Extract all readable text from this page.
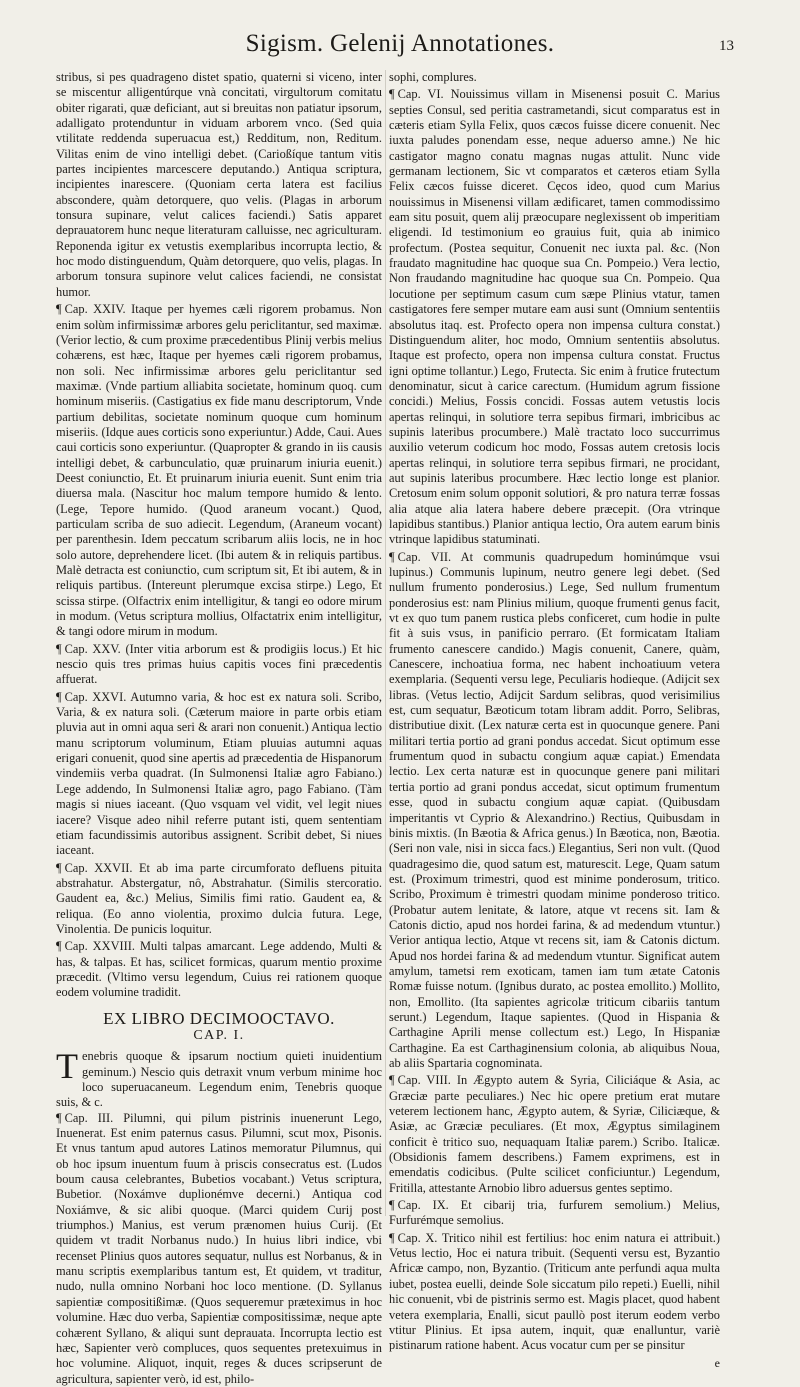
Sigism. Gelenij Annotationes.	13

stribus, si pes quadrageno distet spatio, quaterni si viceno, inter se miscentur alligentúrque vnà concitati, virgultorum comitatu obiter rigarati, quæ deficiant, aut si breuitas non patiatur ipsorum, adalligato protenduntur in viduam arborem vnco. (Sed quia vtilitate reddenda superuacua est,) Redditum, non, Reditum. Vilitas enim de vino intelligi debet. (Carioßíque tantum vitis partes incipientes marcescere deputando.) Antiqua scriptura, incipientes inarescere. (Quoniam certa latera est facilius abscondere, quàm detorquere, quo velis. (Plagas in arborum tonsura supinare, velut calices faciendi.) Satis apparet deprauatorem hunc neque literaturam calluisse, nec agriculturam. Reponenda igitur ex vetustis exemplaribus incorrupta lectio, & hoc modo distinguendum, Quàm detorquere, quo velis, plagas. In arborum tonsura supinore velut calices faciendi, ne consistat humor.

¶ Cap. XXIV. Itaque per hyemes cæli rigorem probamus. Non enim solùm infirmissimæ arbores gelu periclitantur, sed maximæ. (Verior lectio, & cum proxime præcedentibus Plinij verbis melius cohærens, est hæc, Itaque per hyemes cæli rigorem probamus, non soli. Nec infirmissimæ arbores gelu periclitantur sed maximæ. (Vnde partium alliabita societate, hominum quoq. cum hominum miseriis. (Castigatius ex fide manu descriptorum, Vnde partium debilitas, societate nominum quoque cum hominum miseriis. (Idque aues corticis sono experiuntur.) Adde, Caui. Aues caui corticis sono experiuntur. (Quapropter & grando in iis causis intelligi debet, & carbunculatio, quæ pruinarum iniuria euenit.) Deest coniunctio, Et. Et pruinarum iniuria euenit. Sunt enim tria diuersa mala. (Nascitur hoc malum tempore humido & lento. (Lege, Tepore humido. (Quod araneum vocant.) Quod, particulam scriba de suo adiecit. Legendum, (Araneum vocant) per parenthesin. Idem peccatum scribarum aliis locis, ne in hoc solo autore, deprehendere licet. (Ibi autem & in reliquis partibus. Malè detracta est coniunctio, cum scriptum sit, Et ibi autem, & in reliquis partibus. (Intereunt plerumque excisa stirpe.) Lego, Et scissa stirpe. (Olfactrix enim intelligitur, & tangi eo odore mirum in modum. (Vetus scriptura mollius, Olfactatrix enim intelligitur, & tangi odore mirum in modum.

¶ Cap. XXV. (Inter vitia arborum est & prodigiis locus.) Et hic nescio quis tres primas huius capitis voces fini præcedentis affuerat.

¶ Cap. XXVI. Autumno varia, & hoc est ex natura soli. Scribo, Varia, & ex natura soli. (Cæterum maiore in parte orbis etiam pluvia aut in omni aqua seri & arari non conuenit.) Antiqua lectio manu scriptorum voluminum, Etiam pluuias autumni aquas erigari conuenit, quod sine apertis ad præcedentia de Hispanorum vindemiis verba quadrat. (In Sulmonensi Italiæ agro Fabiano.) Lege addendo, In Sulmonensi Italiæ agro, pago Fabiano. (Tàm magis si niues iaceant. (Quo vsquam vel vidit, vel legit niues iacere? Visque adeo nihil referre putant isti, quem sententiam etiam facundissimis autoribus assignent. Scribit debet, Si niues iaceant.

¶ Cap. XXVII. Et ab ima parte circumforato defluens pituita abstrahatur. Abstergatur, nô, Abstrahatur. (Similis stercoratio. Gaudent ea, &c.) Melius, Similis fimi ratio. Gaudent ea, & reliqua. (Eo anno violentia, proximo dulcia futura. Lege, Vinolentia. De punicis loquitur.

¶ Cap. XXVIII. Multi talpas amarcant. Lege addendo, Multi & has, & talpas. Et has, scilicet formicas, quarum mentio proxime præcedit. (Vltimo versu legendum, Cuius rei rationem quoque eodem volumine tradidit.

EX LIBRO DECIMOOCTAVO.
CAP. I.
T enebris quoque & ipsarum noctium quieti inuidentium geminum.) Nescio quis detraxit vnum verbum minime hoc loco superuacaneum. Legendum enim, Tenebris quoque suis, & c.

¶ Cap. III. Pilumni, qui pilum pistrinis inuenerunt Lego, Inuenerat. Est enim paternus casus. Pilumni, scut mox, Pisonis. Et vnus tantum apud autores Latinos memoratur Pilumnus, qui ob hoc ipsum inuentum fuum à priscis consecratus est. (Ludos boum causa celebrantes, Bubetios vocabant.) Vetus scriptura, Bubetior. (Noxámve duplionémve decerni.) Antiqua cod Noxiámve, & sic alibi quoque. (Marci quidem Curij post triumphos.) Manius, est verum prænomen huius Curij. (Et quidem vt tradit Norbanus nudo.) In huius libri indice, vbi recenset Plinius quos autores sequatur, nullus est Norbanus, & in manu scriptis exemplaribus tantum est, Et quidem, vt traditur, nudo, nulla omnino Norbani hoc loco mentione. (D. Syllanus sapientiæ compositißimæ. (Quos sequeremur præteximus in hoc volumine. Hæc duo verba, Sapientiæ compositissimæ, neque apte cohærent Syllano, & aliqui sunt deprauata. Incorrupta lectio est hæc, Sapienter verò compluces, quos sequentes pretexuimus in hoc volumine. Aliquot, inquit, reges & duces scripserunt de agricultura, sapienter verò, id est, philo-

sophi, complures.

¶ Cap. VI. Nouissimus villam in Misenensi posuit C. Marius septies Consul, sed peritia castrametandi, sicut comparatus est in cæteris etiam Sylla Felix, quos cæcos fuisse dicere conuenit. Nec iuxta paludes ponendam esse, neque aduerso amne.) Ne hic castigator magno conatu magnas nugas attulit. Nunc vide germanam lectionem, Sic vt comparatos et cæteros etiam Sylla Felix cæcos fuisse diceret. Cęcos ideo, quod cum Marius nouissimus in Misenensi villam ædificaret, tamen commodissimo eam situ posuit, quem alij præocupare neglexissent ob imperitiam eligendi. Id testimonium eo grauius fuit, quia ab inimico profectum. (Postea sequitur, Conuenit nec iuxta pal. &c. (Non fraudato magnitudine hac quoque sua Cn. Pompeio.) Vera lectio, Non fraudando magnitudine hac quoque sua Cn. Pompeio. Qua locutione per septimum casum cum sæpe Plinius vtatur, tamen castigatores fere semper mutare eam ausi sunt (Omnium sententiis absolutus itaq. est. Profecto opera non impensa cultura constat.) Distinguendum aliter, hoc modo, Omnium sententiis absolutus. Itaque est profecto, opera non impensa cultura constat. Fructus igni optime tollantur.) Lego, Frutecta. Sic enim à frutice frutectum denominatur, sicut à carice carectum. (Humidum agrum fissione concidi.) Melius, Fossis concidi. Fossas autem vetustis locis apertas relinqui, in solutiore terra sepibus firmari, imbricibus ac supinis lateribus procumbere.) Malè tractato loco succurrimus auxilio veterum codicum hoc modo, Fossas autem cretosis locis apertas relinqui, in solutiore terra sepibus firmari, ne procidant, aut supinis lateribus procumbere. Hæc lectio longe est planior. Cretosum enim solum opponit solutiori, & pro natura terræ fossas alia atque alia latera habere debere præcepit. (Ora vtrinque lapidibus stantibus.) Planior antiqua lectio, Ora autem earum binis vtrinque lapidibus statuminati.

¶ Cap. VII. At communis quadrupedum hominúmque vsui lupinus.) Communis lupinum, neutro genere legi debet. (Sed nullum frumento ponderosius.) Lege, Sed nullum frumentum ponderosius est: nam Plinius milium, quoque frumenti genus facit, vt ex quo tum panem rustica plebs conficeret, cum hodie in pulte fit à suis vsus, in panificio perraro. (Et formicatam Italiam frumento canescere candido.) Magis conuenit, Canere, quàm, Canescere, inchoatiua forma, nec habent inchoatiuum vetera exemplaria. (Sequenti versu lege, Peculiaris hodieque. (Adijcit sex libras. (Vetus lectio, Adijcit Sardum selibras, quod verisimilius est, cum sequatur, Bæoticum totam libram addit. Porro, Selibras, distributiue dixit. (Lex naturæ certa est in quocunque genere. Pani militari tertia portio ad grani pondus accedat. Sicut optimum esse frumentum quod in subactu congium aquæ capiat.) Emendata lectio. Lex certa naturæ est in quocunque genere pani militari tertia portio ad grani pondus accedat, sicut optimum frumentum esse, quod in subactu congium aquæ capiat. (Quibusdam imperitantis vt Cyprio & Alexandrino.) Rectius, Quibusdam in binis mixtis. (In Bæotia & Africa genus.) In Bæotica, non, Bæotia. (Seri non vale, nisi in sicca facs.) Elegantius, Seri non vult. (Quod quadragesimo die, quod satum est, maturescit. Lege, Quam satum est. (Proximum trimestri, quod est minime ponderosum, tritico. Scribo, Proximum è trimestri quodam minime ponderoso tritico. (Probatur autem lenitate, & latore, atque vt recens sit. Iam & Catonis dictio, apud nos hordei farina, & ad medendum vtuntur.) Verior antiqua lectio, Atque vt recens sit, iam & Catonis dictum. Apud nos hordei farina & ad medendum vtuntur. Significat autem amylum, tametsi rem exoticam, tamen iam tum ætate Catonis Romæ fuisse notum. (Ignibus durato, ac postea emollito.) Mollito, non, Emollito. (Ita sapientes agricolæ triticum cibariis tantum serunt.) Legendum, Itaque sapientes. (Quod in Hispania & Carthagine Aprili mense collectum est.) Lego, In Hispaniæ Carthagine. Ea est Carthaginensium colonia, ab aliquibus Noua, ab aliis Spartaria cognominata.

¶ Cap. VIII. In Ægypto autem & Syria, Ciliciáque & Asia, ac Græciæ parte peculiares.) Nec hic opere pretium erat mutare veterem lectionem hanc, Ægypto autem, & Syriæ, Ciliciæque, & Asiæ, ac Græciæ peculiares. (Et mox, Ægyptus similaginem conficit è tritico suo, nequaquam Italiæ parem.) Scribo. Italicæ. (Obsidionis famem describens.) Famem exprimens, est in emendatis codicibus. (Pulte scilicet conficiuntur.) Legendum, Fritilla, attestante Arnobio libro aduersus gentes septimo.

¶ Cap. IX. Et cibarij tria, furfurem semolium.) Melius, Furfurémque semolius.

¶ Cap. X. Tritico nihil est fertilius: hoc enim natura ei attribuit.) Vetus lectio, Hoc ei natura tribuit. (Sequenti versu est, Byzantio Africæ campo, non, Byzantio. (Triticum ante perfundi aqua multa iubet, postea euelli, deinde Sole siccatum pilo repeti.) Euelli, nihil hic conuenit, vbi de pistrinis sermo est. Magis placet, quod habent vetera exemplaria, Enalli, sicut paullò post iterum eodem verbo vtitur Plinius. Et ipsa autem, inquit, quæ enalluntur, variè pistinarum ratione habent. Acus vocatur cum per se pinsitur

e
